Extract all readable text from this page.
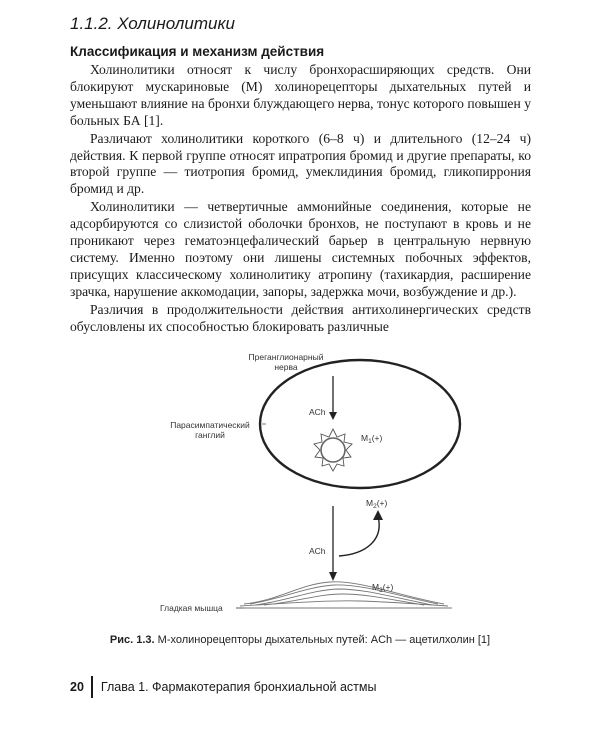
1.1.2. Холинолитики
Классификация и механизм действия

Холинолитики относят к числу бронхорасширяющих средств. Они блокируют мускариновые (М) холинорецепторы дыхательных путей и уменьшают влияние на бронхи блуждающего нерва, тонус которого повышен у больных БА [1].

Различают холинолитики короткого (6–8 ч) и длительного (12–24 ч) действия. К первой группе относят ипратропия бромид и другие препараты, ко второй группе — тиотропия бромид, умеклидиния бромид, гликопиррония бромид и др.

Холинолитики — четвертичные аммонийные соединения, которые не адсорбируются со слизистой оболочки бронхов, не поступают в кровь и не проникают через гематоэнцефалический барьер в центральную нервную систему. Именно поэтому они лишены системных побочных эффектов, присущих классическому холинолитику атропину (тахикардия, расширение зрачка, нарушение аккомодации, запоры, задержка мочи, возбуждение и др.).

Различия в продолжительности действия антихолинергических средств обусловлены их способностью блокировать различные

Преганглионарный
нерва
Парасимпатический
ганглий
ACh
$M_1(+)$
$M_2(+)$
ACh
$M_3(+)$
Гладкая мышца
Рис. 1.3. М-холинорецепторы дыхательных путей: ACh — ацетилхолин [1]
20 Глава 1. Фармакотерапия бронхиальной астмы
